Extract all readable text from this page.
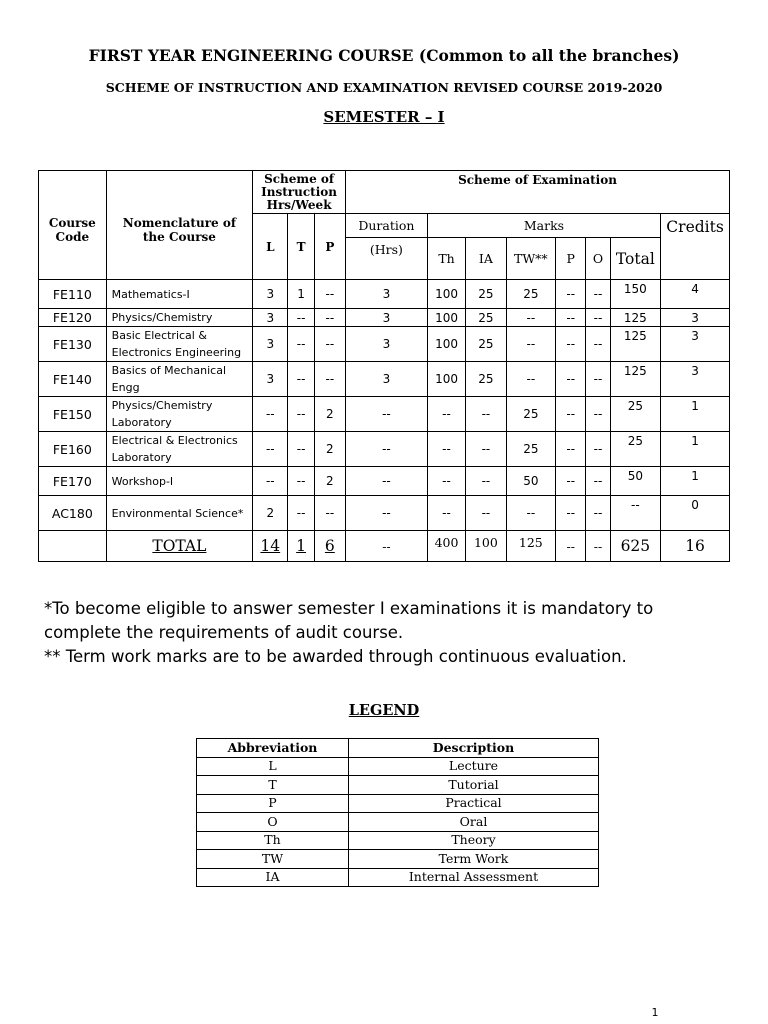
FIRST YEAR ENGINEERING COURSE (Common to all the branches)
SCHEME OF INSTRUCTION AND EXAMINATION REVISED COURSE 2019-2020
SEMESTER – I
Course Code	Nomenclature of the Course	Scheme of Instruction Hrs/Week			Scheme of Examination							
		L	T	P	Duration	Marks						Credits
					(Hrs)	Th	IA	TW**	P	O	Total	
FE110	Mathematics-I	3	1	--	3	100	25	25	--	--	150	4
FE120	Physics/Chemistry	3	--	--	3	100	25	--	--	--	125	3
FE130	Basic Electrical & Electronics Engineering	3	--	--	3	100	25	--	--	--	125	3
FE140	Basics of Mechanical Engg	3	--	--	3	100	25	--	--	--	125	3
FE150	Physics/Chemistry Laboratory	--	--	2	--	--	--	25	--	--	25	1
FE160	Electrical & Electronics Laboratory	--	--	2	--	--	--	25	--	--	25	1
FE170	Workshop-I	--	--	2	--	--	--	50	--	--	50	1
AC180	Environmental Science*	2	--	--	--	--	--	--	--	--	--	0
	TOTAL	14	1	6	--	400	100	125	--	--	625	16
*To become eligible to answer semester I examinations it is mandatory to
complete the requirements of audit course.
** Term work marks are to be awarded through continuous evaluation.
LEGEND
Abbreviation	Description
L	Lecture
T	Tutorial
P	Practical
O	Oral
Th	Theory
TW	Term Work
IA	Internal Assessment
1
